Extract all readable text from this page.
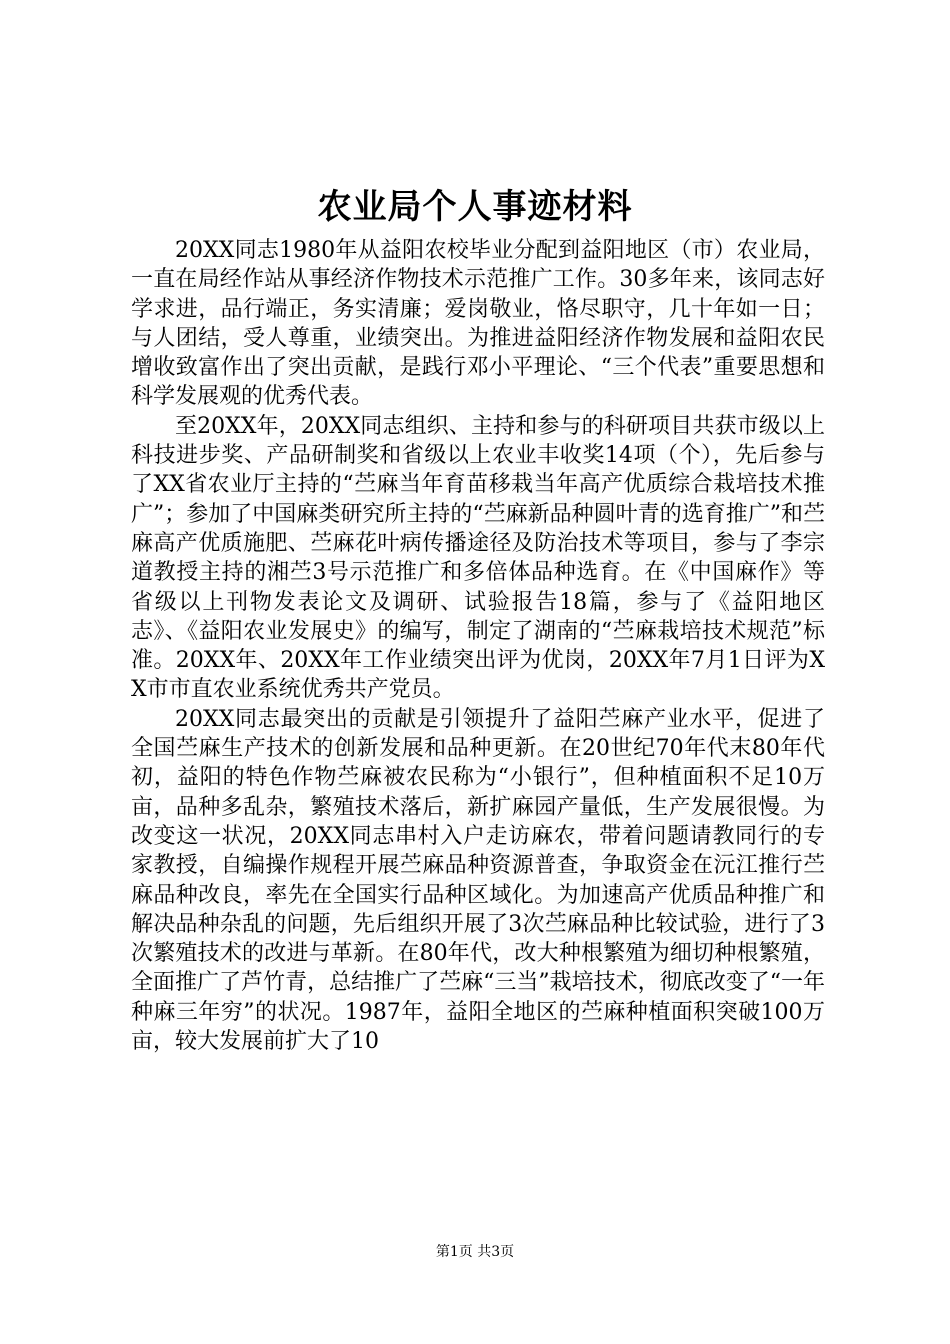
农业局个人事迹材料

20XX同志1980年从益阳农校毕业分配到益阳地区（市）农业局，一直在局经作站从事经济作物技术示范推广工作。30多年来，该同志好学求进，品行端正，务实清廉；爱岗敬业，恪尽职守，几十年如一日；与人团结，受人尊重，业绩突出。为推进益阳经济作物发展和益阳农民增收致富作出了突出贡献，是践行邓小平理论、“三个代表”重要思想和科学发展观的优秀代表。

至20XX年，20XX同志组织、主持和参与的科研项目共获市级以上科技进步奖、产品研制奖和省级以上农业丰收奖14项（个），先后参与了XX省农业厅主持的“苎麻当年育苗移栽当年高产优质综合栽培技术推广”；参加了中国麻类研究所主持的“苎麻新品种圆叶青的选育推广”和苎麻高产优质施肥、苎麻花叶病传播途径及防治技术等项目，参与了李宗道教授主持的湘苎3号示范推广和多倍体品种选育。在《中国麻作》等省级以上刊物发表论文及调研、试验报告18篇，参与了《益阳地区志》、《益阳农业发展史》的编写，制定了湖南的“苎麻栽培技术规范”标准。20XX年、20XX年工作业绩突出评为优岗，20XX年7月1日评为XX市市直农业系统优秀共产党员。

20XX同志最突出的贡献是引领提升了益阳苎麻产业水平，促进了全国苎麻生产技术的创新发展和品种更新。在20世纪70年代末80年代初，益阳的特色作物苎麻被农民称为“小银行”，但种植面积不足10万亩，品种多乱杂，繁殖技术落后，新扩麻园产量低，生产发展很慢。为改变这一状况，20XX同志串村入户走访麻农，带着问题请教同行的专家教授，自编操作规程开展苎麻品种资源普查，争取资金在沅江推行苎麻品种改良，率先在全国实行品种区域化。为加速高产优质品种推广和解决品种杂乱的问题，先后组织开展了3次苎麻品种比较试验，进行了3次繁殖技术的改进与革新。在80年代，改大种根繁殖为细切种根繁殖，全面推广了芦竹青，总结推广了苎麻“三当”栽培技术，彻底改变了“一年种麻三年穷”的状况。1987年，益阳全地区的苎麻种植面积突破100万亩，较大发展前扩大了10

第1页 共3页
